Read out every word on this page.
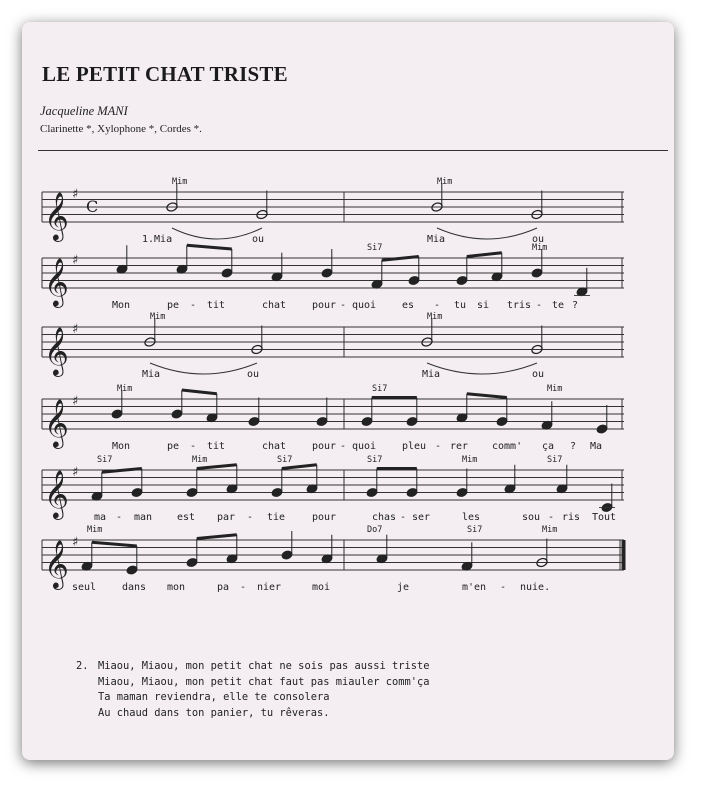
LE PETIT CHAT TRISTE
Jacqueline MANI
Clarinette *, Xylophone *, Cordes *.
𝄞 ♯
C
Mim	Mim
1.Mia	ou	Mia	ou
𝄞 ♯
Si7	Mim
Mon	pe - tit	chat	pour - quoi	es - tu si tris - te ?
𝄞 ♯
Mim	Mim
Mia	ou	Mia	ou
𝄞 ♯
Mim	Si7	Mim
Mon	pe - tit	chat	pour - quoi	pleu - rer comm' ça ? Ma
𝄞 ♯
Si7	Mim	Si7	Si7	Mim	Si7
ma - man est par - tie	pour	chas - ser	les	sou - ris Tout
𝄞 ♯
Mim	Do7	Si7	Mim
seul	dans mon	pa - nier	moi	je	m'en - nuie.
2. Miaou, Miaou, mon petit chat ne sois pas aussi triste
Miaou, Miaou, mon petit chat faut pas miauler comm'ça
Ta maman reviendra, elle te consolera
Au chaud dans ton panier, tu rêveras.
